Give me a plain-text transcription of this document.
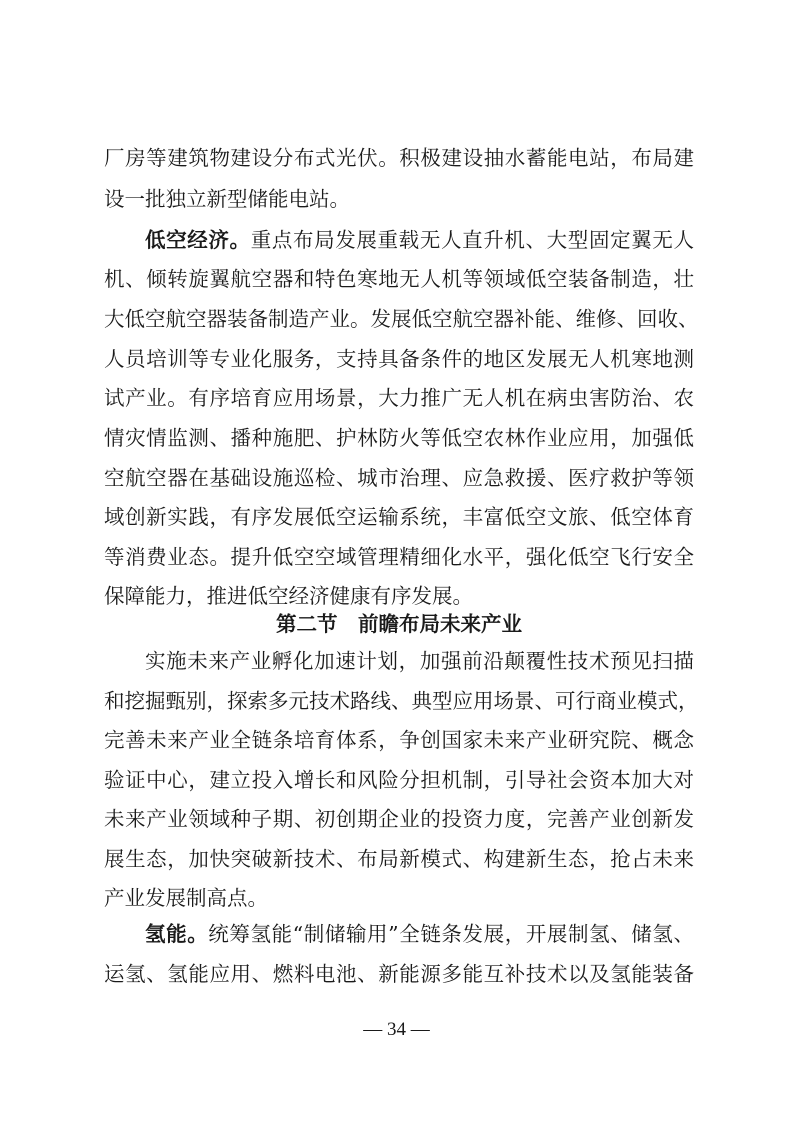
厂房等建筑物建设分布式光伏。积极建设抽水蓄能电站，布局建
设一批独立新型储能电站。
低空经济。重点布局发展重载无人直升机、大型固定翼无人
机、倾转旋翼航空器和特色寒地无人机等领域低空装备制造，壮
大低空航空器装备制造产业。发展低空航空器补能、维修、回收、
人员培训等专业化服务，支持具备条件的地区发展无人机寒地测
试产业。有序培育应用场景，大力推广无人机在病虫害防治、农
情灾情监测、播种施肥、护林防火等低空农林作业应用，加强低
空航空器在基础设施巡检、城市治理、应急救援、医疗救护等领
域创新实践，有序发展低空运输系统，丰富低空文旅、低空体育
等消费业态。提升低空空域管理精细化水平，强化低空飞行安全
保障能力，推进低空经济健康有序发展。
第二节　前瞻布局未来产业
实施未来产业孵化加速计划，加强前沿颠覆性技术预见扫描
和挖掘甄别，探索多元技术路线、典型应用场景、可行商业模式，
完善未来产业全链条培育体系，争创国家未来产业研究院、概念
验证中心，建立投入增长和风险分担机制，引导社会资本加大对
未来产业领域种子期、初创期企业的投资力度，完善产业创新发
展生态，加快突破新技术、布局新模式、构建新生态，抢占未来
产业发展制高点。
氢能。统筹氢能“制储输用”全链条发展，开展制氢、储氢、
运氢、氢能应用、燃料电池、新能源多能互补技术以及氢能装备
— 34 —
